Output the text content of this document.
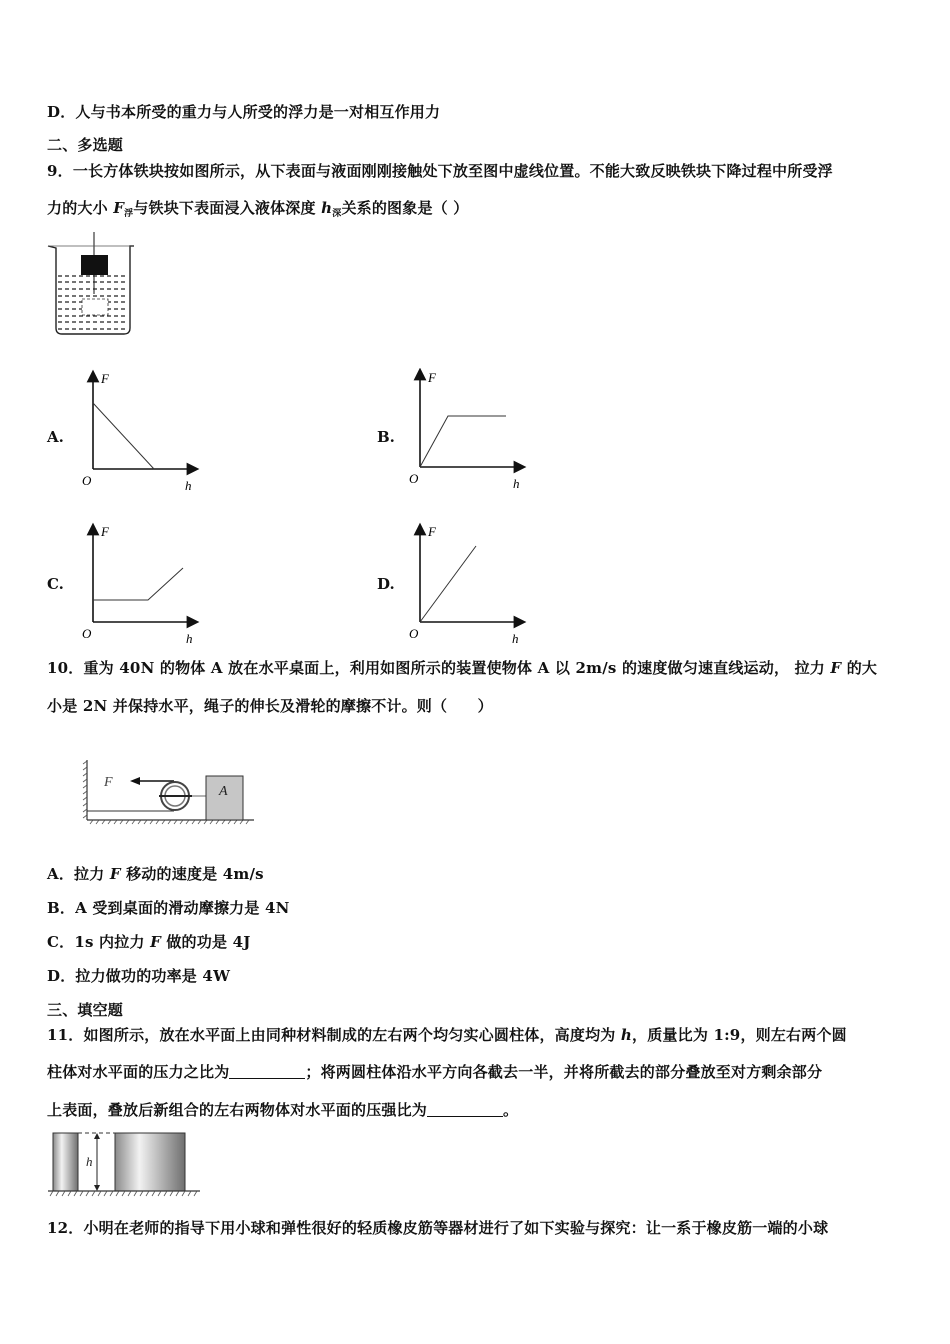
D．人与书本所受的重力与人所受的浮力是一对相互作用力
二、多选题
9．一长方体铁块按如图所示，从下表面与液面刚刚接触处下放至图中虚线位置。不能大致反映铁块下降过程中所受浮
力的大小 $F_浮$与铁块下表面浸入液体深度 $h_深$关系的图象是（ ）
A.
F
O	h
B.
F
O	h
C.
F
O	h
D.
F
O	h
10．重为 40N 的物体 A 放在水平桌面上，利用如图所示的装置使物体 A 以 2m/s 的速度做匀速直线运动， 拉力 F 的大
小是 2N 并保持水平，绳子的伸长及滑轮的摩擦不计。则（　　）
A
F
A．拉力 F 移动的速度是 4m/s
B．A 受到桌面的滑动摩擦力是 4N
C．1s 内拉力 F 做的功是 4J
D．拉力做功的功率是 4W
三、填空题
11．如图所示，放在水平面上由同种材料制成的左右两个均匀实心圆柱体，高度均为 h，质量比为 1:9，则左右两个圆
柱体对水平面的压力之比为	；将两圆柱体沿水平方向各截去一半，并将所截去的部分叠放至对方剩余部分
上表面，叠放后新组合的左右两物体对水平面的压强比为	。
h
12．小明在老师的指导下用小球和弹性很好的轻质橡皮筋等器材进行了如下实验与探究：让一系于橡皮筋一端的小球
